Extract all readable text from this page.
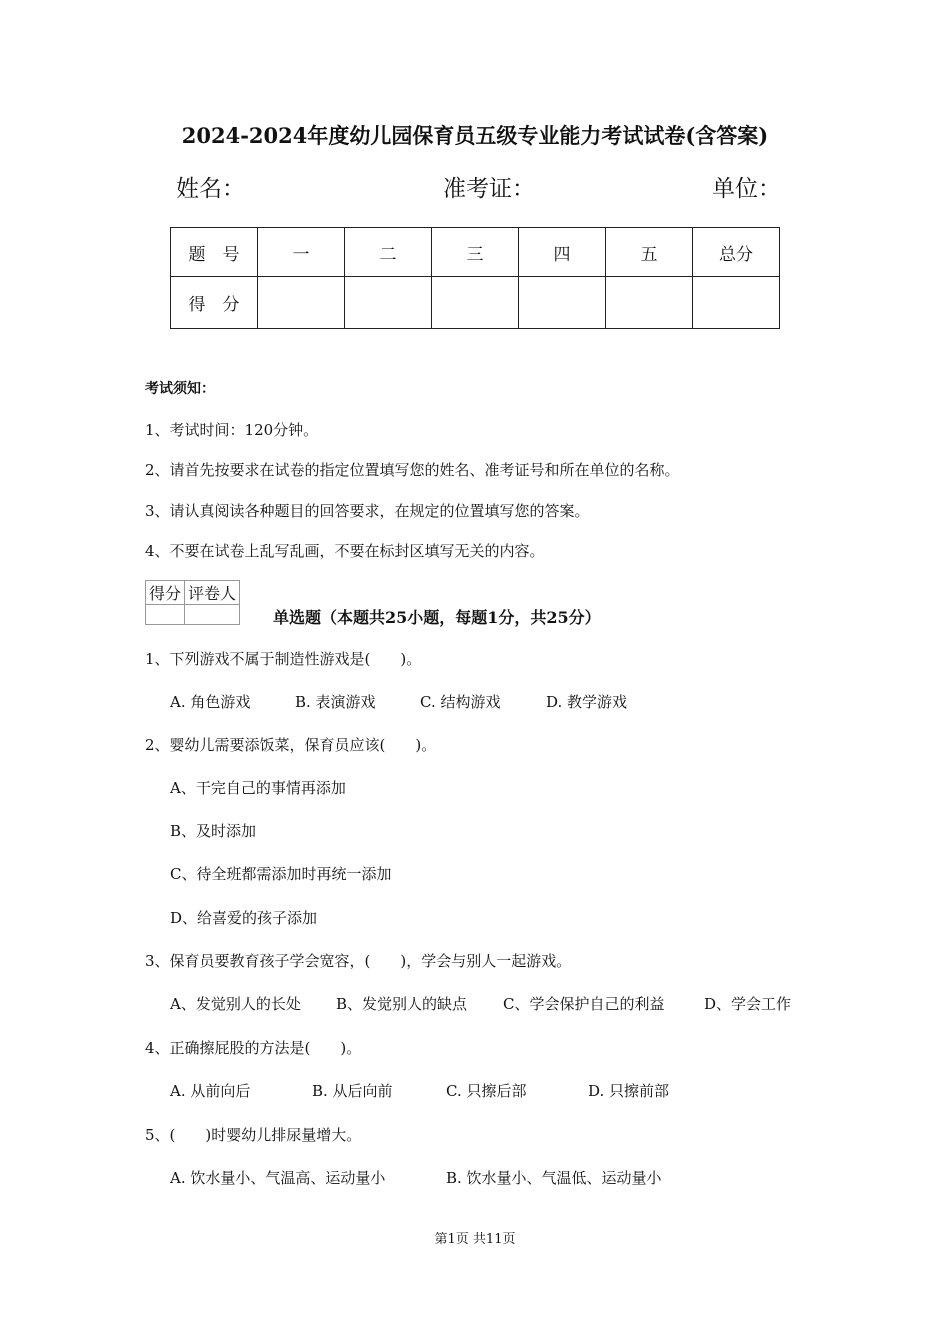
2024-2024年度幼儿园保育员五级专业能力考试试卷(含答案)
姓名：	准考证：	单位：
题　号	一	二	三	四	五	总分
得　分						
考试须知：
1、考试时间：120分钟。
2、请首先按要求在试卷的指定位置填写您的姓名、准考证号和所在单位的名称。
3、请认真阅读各种题目的回答要求，在规定的位置填写您的答案。
4、不要在试卷上乱写乱画，不要在标封区填写无关的内容。
得分	评卷人

单选题（本题共25小题，每题1分，共25分）
1、下列游戏不属于制造性游戏是(　　)。
A. 角色游戏	B. 表演游戏	C. 结构游戏	D. 教学游戏
2、婴幼儿需要添饭菜，保育员应该(　　)。
A、干完自己的事情再添加
B、及时添加
C、待全班都需添加时再统一添加
D、给喜爱的孩子添加
3、保育员要教育孩子学会宽容，(　　)，学会与别人一起游戏。
A、发觉别人的长处 B、发觉别人的缺点 C、学会保护自己的利益	D、学会工作
4、正确擦屁股的方法是(　　)。
A. 从前向后	B. 从后向前	C. 只擦后部	D. 只擦前部
5、(　　)时婴幼儿排尿量增大。
A. 饮水量小、气温高、运动量小	B. 饮水量小、气温低、运动量小
第1页 共11页
